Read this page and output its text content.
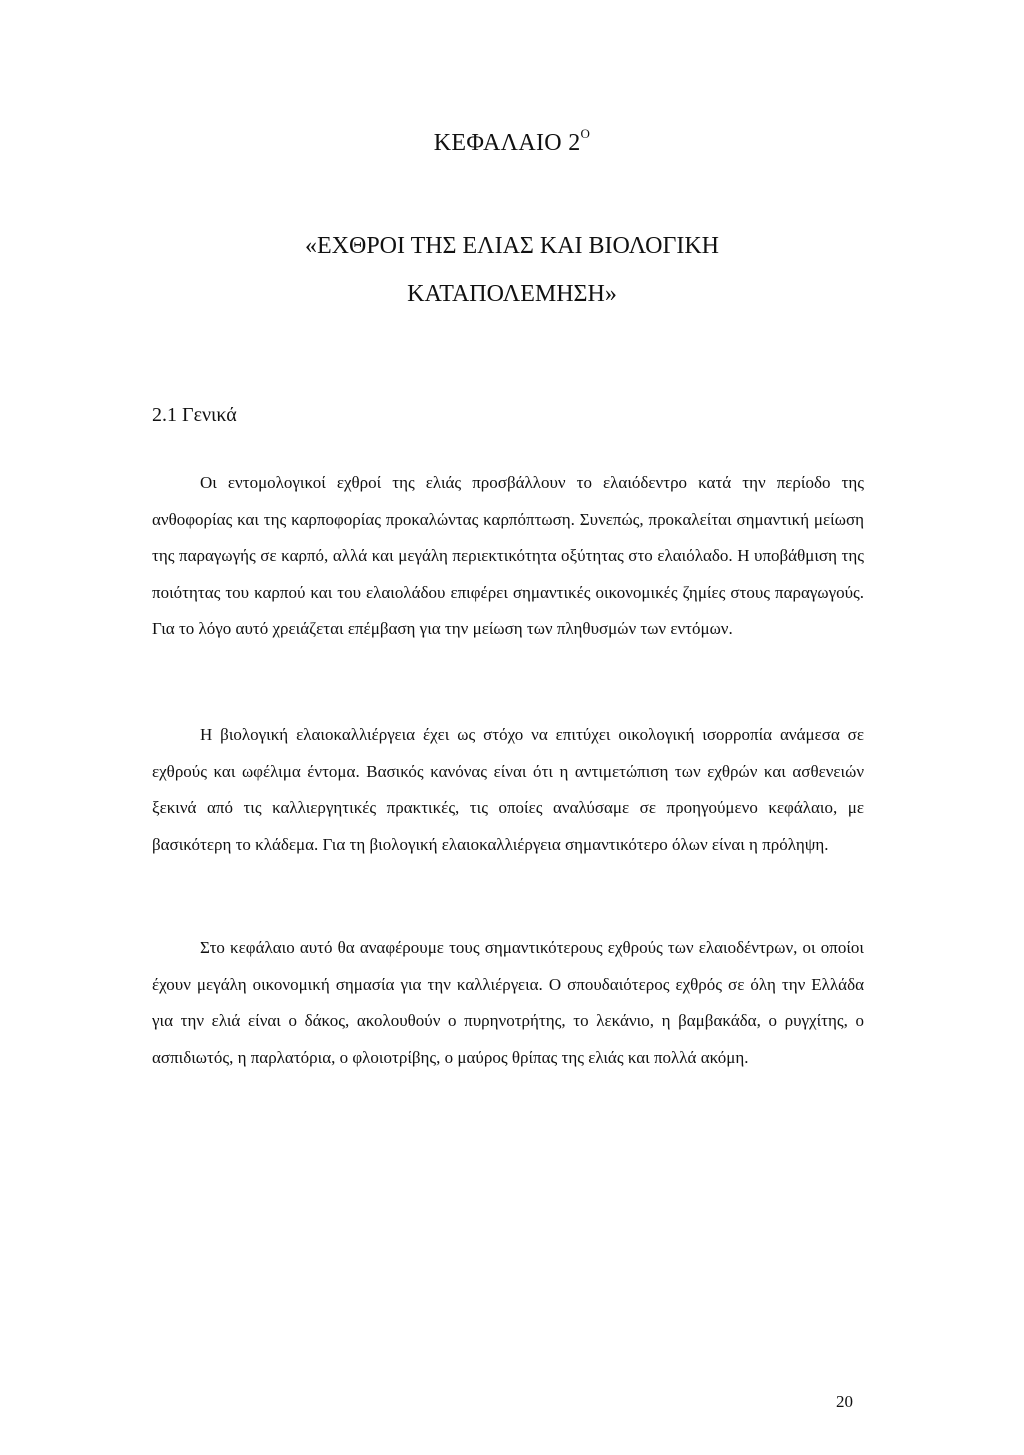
ΚΕΦΑΛΑΙΟ $2^O$
«ΕΧΘΡΟΙ ΤΗΣ ΕΛΙΑΣ ΚΑΙ ΒΙΟΛΟΓΙΚΗ
ΚΑΤΑΠΟΛΕΜΗΣΗ»
2.1 Γενικά

Οι εντομολογικοί εχθροί της ελιάς προσβάλλουν το ελαιόδεντρο κατά την περίοδο της ανθοφορίας και της καρποφορίας προκαλώντας καρπόπτωση. Συνεπώς, προκαλείται σημαντική μείωση της παραγωγής σε καρπό, αλλά και μεγάλη περιεκτικότητα οξύτητας στο ελαιόλαδο. Η υποβάθμιση της ποιότητας του καρπού και του ελαιολάδου επιφέρει σημαντικές οικονομικές ζημίες στους παραγωγούς. Για το λόγο αυτό χρειάζεται επέμβαση για την μείωση των πληθυσμών των εντόμων.

Η βιολογική ελαιοκαλλιέργεια έχει ως στόχο να επιτύχει οικολογική ισορροπία ανάμεσα σε εχθρούς και ωφέλιμα έντομα. Βασικός κανόνας είναι ότι η αντιμετώπιση των εχθρών και ασθενειών ξεκινά από τις καλλιεργητικές πρακτικές, τις οποίες αναλύσαμε σε προηγούμενο κεφάλαιο, με βασικότερη το κλάδεμα. Για τη βιολογική ελαιοκαλλιέργεια σημαντικότερο όλων είναι η πρόληψη.

Στο κεφάλαιο αυτό θα αναφέρουμε τους σημαντικότερους εχθρούς των ελαιοδέντρων, οι οποίοι έχουν μεγάλη οικονομική σημασία για την καλλιέργεια. Ο σπουδαιότερος εχθρός σε όλη την Ελλάδα για την ελιά είναι ο δάκος, ακολουθούν ο πυρηνοτρήτης, το λεκάνιο, η βαμβακάδα, ο ρυγχίτης, ο ασπιδιωτός, η παρλατόρια, ο φλοιοτρίβης, ο μαύρος θρίπας της ελιάς και πολλά ακόμη.

20
